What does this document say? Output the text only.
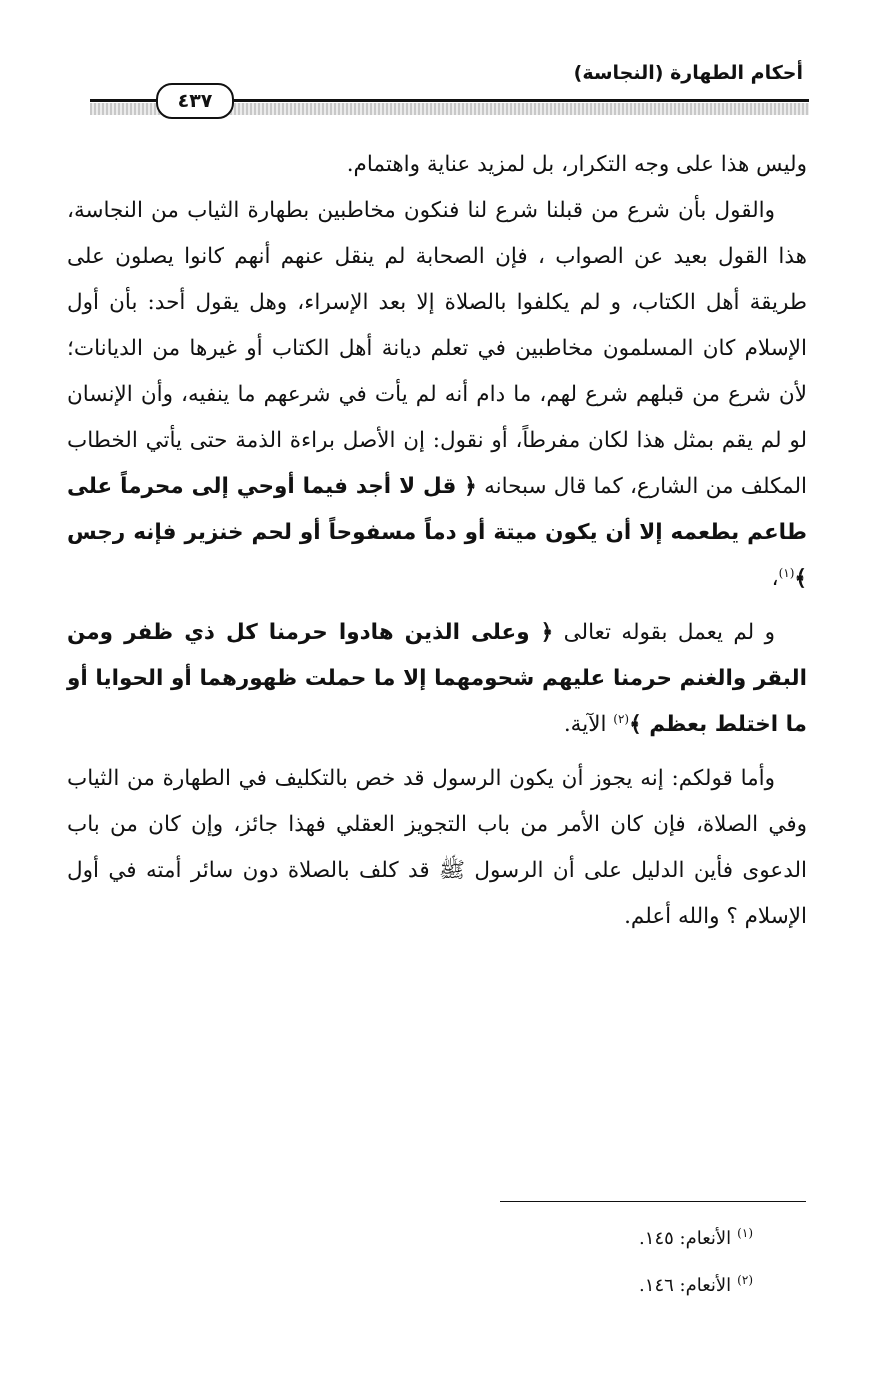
أحكام الطهارة (النجاسة)
٤٣٧

وليس هذا على وجه التكرار، بل لمزيد عناية واهتمام.

والقول بأن شرع من قبلنا شرع لنا فنكون مخاطبين بطهارة الثياب من النجاسة، هذا القول بعيد عن الصواب ، فإن الصحابة لم ينقل عنهم أنهم كانوا يصلون على طريقة أهل الكتاب، و لم يكلفوا بالصلاة إلا بعد الإسراء، وهل يقول أحد: بأن أول الإسلام كان المسلمون مخاطبين في تعلم ديانة أهل الكتاب أو غيرها من الديانات؛ لأن شرع من قبلهم شرع لهم، ما دام أنه لم يأت في شرعهم ما ينفيه، وأن الإنسان لو لم يقم بمثل هذا لكان مفرطاً، أو نقول: إن الأصل براءة الذمة حتى يأتي الخطاب المكلف من الشارع، كما قال سبحانه ﴿ قل لا أجد فيما أوحي إلى محرماً على طاعم يطعمه إلا أن يكون ميتة أو دماً مسفوحاً أو لحم خنزير فإنه رجس ﴾$^{(١)}$،

و لم يعمل بقوله تعالى ﴿ وعلى الذين هادوا حرمنا كل ذي ظفر ومن البقر والغنم حرمنا عليهم شحومهما إلا ما حملت ظهورهما أو الحوايا أو ما اختلط بعظم ﴾$^{(٢)}$ الآية.

وأما قولكم: إنه يجوز أن يكون الرسول قد خص بالتكليف في الطهارة من الثياب وفي الصلاة، فإن كان الأمر من باب التجويز العقلي فهذا جائز، وإن كان من باب الدعوى فأين الدليل على أن الرسول ﷺ قد كلف بالصلاة دون سائر أمته في أول الإسلام ؟ والله أعلم.

$^{(١)}$الأنعام: ١٤٥.
$^{(٢)}$الأنعام: ١٤٦.
